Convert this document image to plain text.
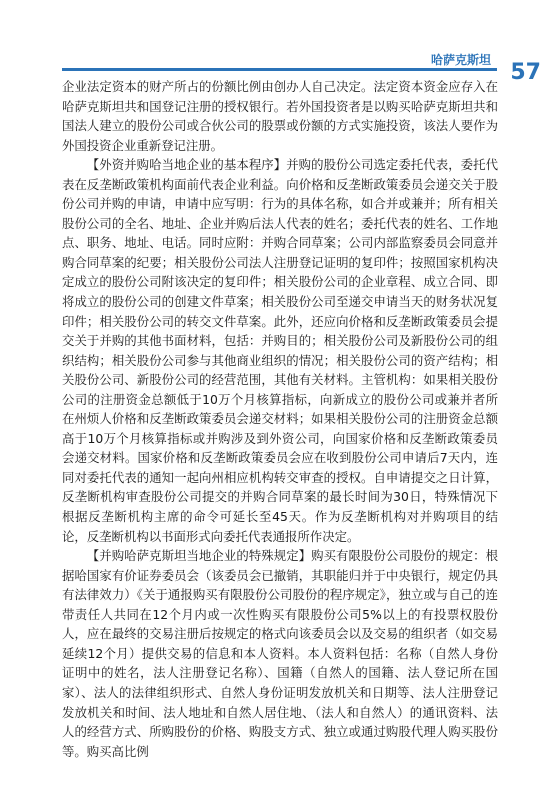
哈萨克斯坦 57

企业法定资本的财产所占的份额比例由创办人自己决定。法定资本资金应存入在哈萨克斯坦共和国登记注册的授权银行。若外国投资者是以购买哈萨克斯坦共和国法人建立的股份公司或合伙公司的股票或份额的方式实施投资，该法人要作为外国投资企业重新登记注册。

【外资并购哈当地企业的基本程序】并购的股份公司选定委托代表，委托代表在反垄断政策机构面前代表企业利益。向价格和反垄断政策委员会递交关于股份公司并购的申请，申请中应写明：行为的具体名称，如合并或兼并；所有相关股份公司的全名、地址、企业并购后法人代表的姓名；委托代表的姓名、工作地点、职务、地址、电话。同时应附：并购合同草案；公司内部监察委员会同意并购合同草案的纪要；相关股份公司法人注册登记证明的复印件；按照国家机构决定成立的股份公司附该决定的复印件；相关股份公司的企业章程、成立合同、即将成立的股份公司的创建文件草案；相关股份公司至递交申请当天的财务状况复印件；相关股份公司的转交文件草案。此外，还应向价格和反垄断政策委员会提交关于并购的其他书面材料，包括：并购目的；相关股份公司及新股份公司的组织结构；相关股份公司参与其他商业组织的情况；相关股份公司的资产结构；相关股份公司、新股份公司的经营范围，其他有关材料。主管机构：如果相关股份公司的注册资金总额低于10万个月核算指标，向新成立的股份公司或兼并者所在州烦人价格和反垄断政策委员会递交材料；如果相关股份公司的注册资金总额高于10万个月核算指标或并购涉及到外资公司，向国家价格和反垄断政策委员会递交材料。国家价格和反垄断政策委员会应在收到股份公司申请后7天内，连同对委托代表的通知一起向州相应机构转交审查的授权。自申请提交之日计算，反垄断机构审查股份公司提交的并购合同草案的最长时间为30日，特殊情况下根据反垄断机构主席的命令可延长至45天。作为反垄断机构对并购项目的结论，反垄断机构以书面形式向委托代表通报所作决定。

【并购哈萨克斯坦当地企业的特殊规定】购买有限股份公司股份的规定：根据哈国家有价证券委员会（该委员会已撤销，其职能归并于中央银行，规定仍具有法律效力）《关于通报购买有限股份公司股份的程序规定》，独立或与自己的连带责任人共同在12个月内或一次性购买有限股份公司5%以上的有投票权股份人，应在最终的交易注册后按规定的格式向该委员会以及交易的组织者（如交易延续12个月）提供交易的信息和本人资料。本人资料包括：名称（自然人身份证明中的姓名，法人注册登记名称）、国籍（自然人的国籍、法人登记所在国家）、法人的法律组织形式、自然人身份证明发放机关和日期等、法人注册登记发放机关和时间、法人地址和自然人居住地、（法人和自然人）的通讯资料、法人的经营方式、所购股份的价格、购股支方式、独立或通过购股代理人购买股份等。购买高比例
